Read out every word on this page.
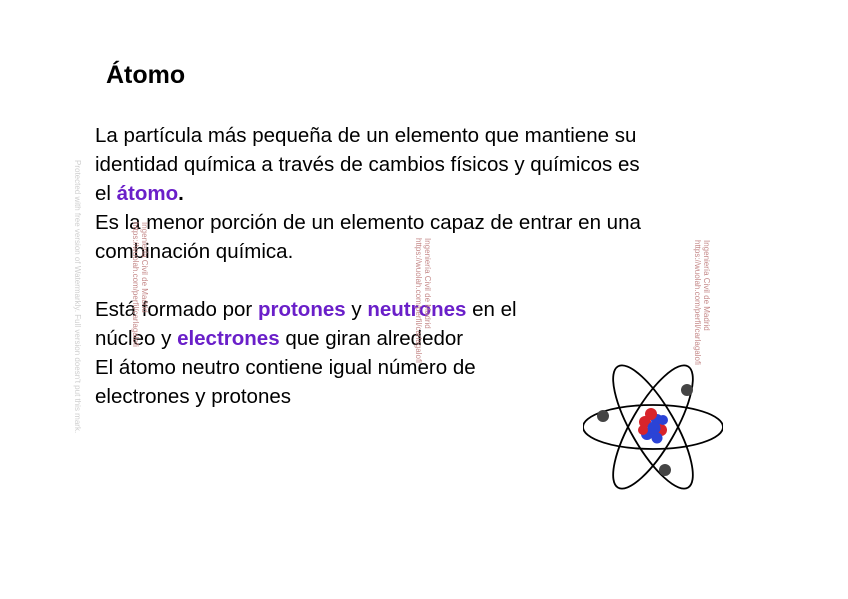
Átomo
La partícula más pequeña de un elemento que mantiene su
identidad química a través de cambios físicos y químicos es
el átomo.
Es la menor porción de un elemento capaz de entrar en una
combinación química.
Está formado por protones y neutrones en el
núcleo y electrones que giran alrededor
El átomo neutro contiene igual número de
electrones y protones
Protected with free version of Watermarkly. Full version doesn't put this mark.	Ingeniería Civil de Madrid
https://wuolah.com/perfil/carlagalofi	Ingeniería Civil de Madrid
https://wuolah.com/perfil/carlagalofi	Ingeniería Civil de Madrid
https://wuolah.com/perfil/carlagalofi
